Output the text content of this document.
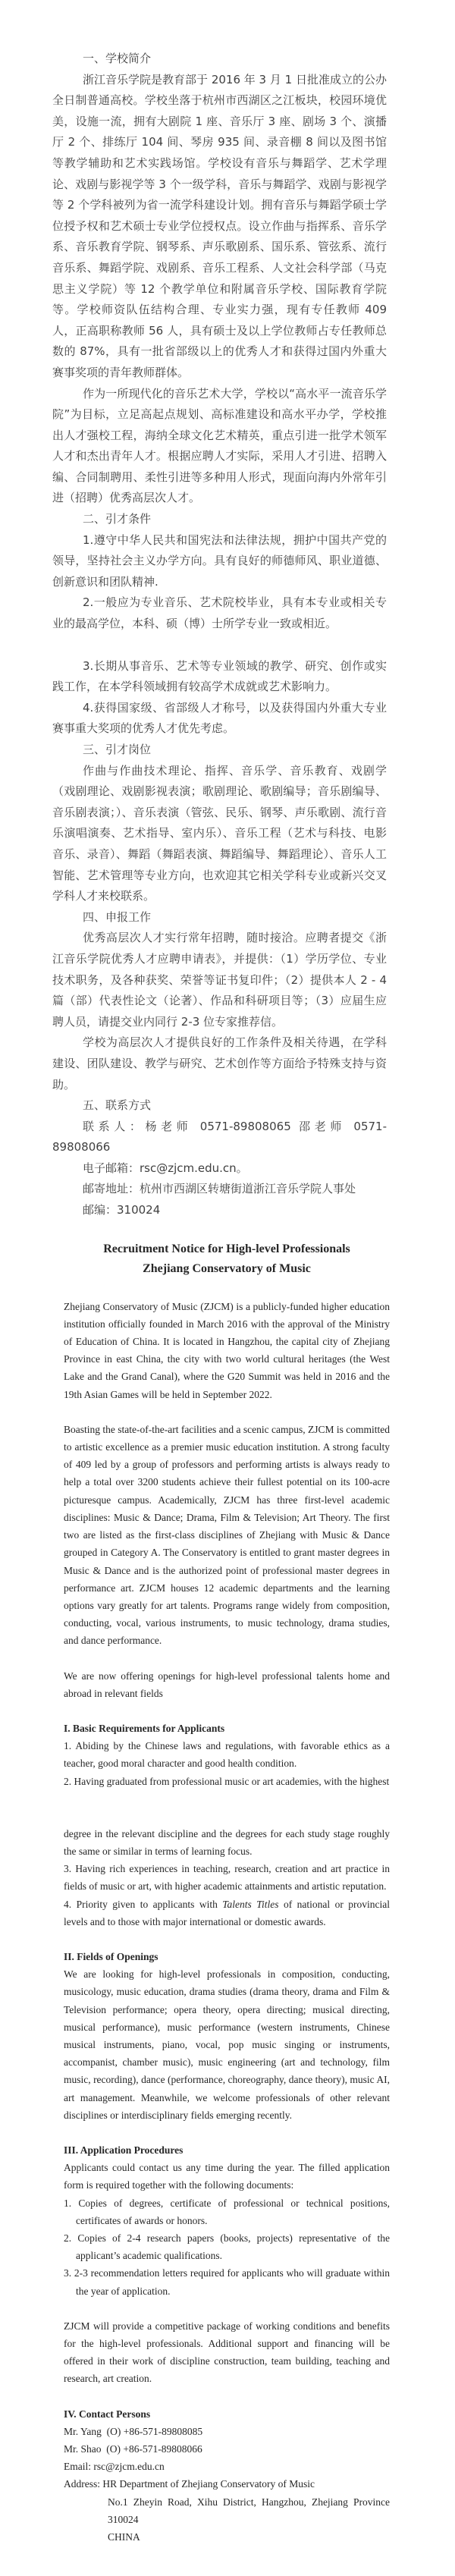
一、学校简介

浙江音乐学院是教育部于 2016 年 3 月 1 日批准成立的公办全日制普通高校。学校坐落于杭州市西湖区之江板块，校园环境优美，设施一流，拥有大剧院 1 座、音乐厅 3 座、剧场 3 个、演播厅 2 个、排练厅 104 间、琴房 935 间、录音棚 8 间以及图书馆等教学辅助和艺术实践场馆。学校设有音乐与舞蹈学、艺术学理论、戏剧与影视学等 3 个一级学科，音乐与舞蹈学、戏剧与影视学等 2 个学科被列为省一流学科建设计划。拥有音乐与舞蹈学硕士学位授予权和艺术硕士专业学位授权点。设立作曲与指挥系、音乐学系、音乐教育学院、钢琴系、声乐歌剧系、国乐系、管弦系、流行音乐系、舞蹈学院、戏剧系、音乐工程系、人文社会科学部（马克思主义学院）等 12 个教学单位和附属音乐学校、国际教育学院等。学校师资队伍结构合理、专业实力强，现有专任教师 409 人，正高职称教师 56 人，具有硕士及以上学位教师占专任教师总数的 87%，具有一批省部级以上的优秀人才和获得过国内外重大赛事奖项的青年教师群体。

作为一所现代化的音乐艺术大学，学校以“高水平一流音乐学院”为目标，立足高起点规划、高标准建设和高水平办学，学校推出人才强校工程，海纳全球文化艺术精英，重点引进一批学术领军人才和杰出青年人才。根据应聘人才实际，采用人才引进、招聘入编、合同制聘用、柔性引进等多种用人形式，现面向海内外常年引进（招聘）优秀高层次人才。

二、引才条件

1.遵守中华人民共和国宪法和法律法规，拥护中国共产党的领导，坚持社会主义办学方向。具有良好的师德师风、职业道德、创新意识和团队精神.

2.一般应为专业音乐、艺术院校毕业，具有本专业或相关专业的最高学位，本科、硕（博）士所学专业一致或相近。

3.长期从事音乐、艺术等专业领域的教学、研究、创作或实践工作，在本学科领域拥有较高学术成就或艺术影响力。

4.获得国家级、省部级人才称号，以及获得国内外重大专业赛事重大奖项的优秀人才优先考虑。

三、引才岗位

作曲与作曲技术理论、指挥、音乐学、音乐教育、戏剧学（戏剧理论、戏剧影视表演；歌剧理论、歌剧编导；音乐剧编导、音乐剧表演；）、音乐表演（管弦、民乐、钢琴、声乐歌剧、流行音乐演唱演奏、艺术指导、室内乐）、音乐工程（艺术与科技、电影音乐、录音）、舞蹈（舞蹈表演、舞蹈编导、舞蹈理论）、音乐人工智能、艺术管理等专业方向，也欢迎其它相关学科专业或新兴交叉学科人才来校联系。

四、申报工作

优秀高层次人才实行常年招聘，随时接洽。应聘者提交《浙江音乐学院优秀人才应聘申请表》，并提供：（1）学历学位、专业技术职务，及各种获奖、荣誉等证书复印件；（2）提供本人 2 - 4 篇（部）代表性论文（论著）、作品和科研项目等；（3）应届生应聘人员，请提交业内同行 2-3 位专家推荐信。

学校为高层次人才提供良好的工作条件及相关待遇，在学科建设、团队建设、教学与研究、艺术创作等方面给予特殊支持与资助。

五、联系方式

联系人：杨老师 0571-89808065 邵老师 0571-89808066

电子邮箱：rsc@zjcm.edu.cn。

邮寄地址：杭州市西湖区转塘街道浙江音乐学院人事处

邮编：310024

Recruitment Notice for High-level Professionals
Zhejiang Conservatory of Music

Zhejiang Conservatory of Music (ZJCM) is a publicly-funded higher education institution officially founded in March 2016 with the approval of the Ministry of Education of China. It is located in Hangzhou, the capital city of Zhejiang Province in east China, the city with two world cultural heritages (the West Lake and the Grand Canal), where the G20 Summit was held in 2016 and the 19th Asian Games will be held in September 2022.

Boasting the state-of-the-art facilities and a scenic campus, ZJCM is committed to artistic excellence as a premier music education institution. A strong faculty of 409 led by a group of professors and performing artists is always ready to help a total over 3200 students achieve their fullest potential on its 100-acre picturesque campus. Academically, ZJCM has three first-level academic disciplines: Music & Dance; Drama, Film & Television; Art Theory. The first two are listed as the first-class disciplines of Zhejiang with Music & Dance grouped in Category A. The Conservatory is entitled to grant master degrees in Music & Dance and is the authorized point of professional master degrees in performance art. ZJCM houses 12 academic departments and the learning options vary greatly for art talents. Programs range widely from composition, conducting, vocal, various instruments, to music technology, drama studies, and dance performance.

We are now offering openings for high-level professional talents home and abroad in relevant fields

I. Basic Requirements for Applicants

1. Abiding by the Chinese laws and regulations, with favorable ethics as a teacher, good moral character and good health condition.

2. Having graduated from professional music or art academies, with the highest

degree in the relevant discipline and the degrees for each study stage roughly the same or similar in terms of learning focus.

3. Having rich experiences in teaching, research, creation and art practice in fields of music or art, with higher academic attainments and artistic reputation.

4. Priority given to applicants with Talents Titles of national or provincial levels and to those with major international or domestic awards.

II. Fields of Openings

We are looking for high-level professionals in composition, conducting, musicology, music education, drama studies (drama theory, drama and Film & Television performance; opera theory, opera directing; musical directing, musical performance), music performance (western instruments, Chinese musical instruments, piano, vocal, pop music singing or instruments, accompanist, chamber music), music engineering (art and technology, film music, recording), dance (performance, choreography, dance theory), music AI, art management. Meanwhile, we welcome professionals of other relevant disciplines or interdisciplinary fields emerging recently.

III. Application Procedures

Applicants could contact us any time during the year. The filled application form is required together with the following documents:

1. Copies of degrees, certificate of professional or technical positions, certificates of awards or honors.

2. Copies of 2-4 research papers (books, projects) representative of the applicant’s academic qualifications.

3. 2-3 recommendation letters required for applicants who will graduate within the year of application.

ZJCM will provide a competitive package of working conditions and benefits for the high-level professionals. Additional support and financing will be offered in their work of discipline construction, team building, teaching and research, art creation.

IV. Contact Persons

Mr. Yang  (O) +86-571-89808085

Mr. Shao  (O) +86-571-89808066

Email: rsc@zjcm.edu.cn

Address: HR Department of Zhejiang Conservatory of Music

No.1 Zheyin Road, Xihu District, Hangzhou, Zhejiang Province 310024

CHINA
